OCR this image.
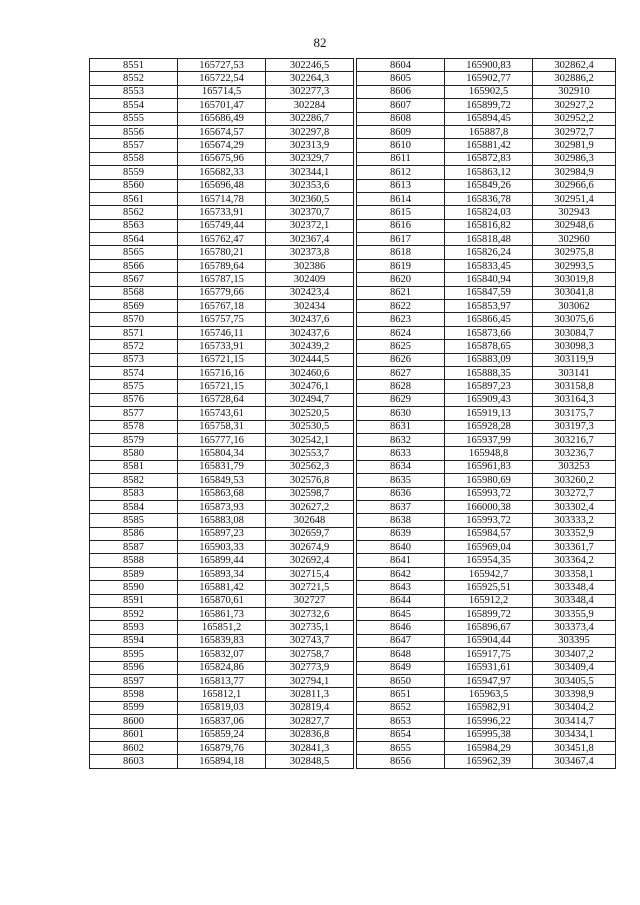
82
8551	165727,53	302246,5		8604	165900,83	302862,4
8552	165722,54	302264,3		8605	165902,77	302886,2
8553	165714,5	302277,3		8606	165902,5	302910
8554	165701,47	302284		8607	165899,72	302927,2
8555	165686,49	302286,7		8608	165894,45	302952,2
8556	165674,57	302297,8		8609	165887,8	302972,7
8557	165674,29	302313,9		8610	165881,42	302981,9
8558	165675,96	302329,7		8611	165872,83	302986,3
8559	165682,33	302344,1		8612	165863,12	302984,9
8560	165696,48	302353,6		8613	165849,26	302966,6
8561	165714,78	302360,5		8614	165836,78	302951,4
8562	165733,91	302370,7		8615	165824,03	302943
8563	165749,44	302372,1		8616	165816,82	302948,6
8564	165762,47	302367,4		8617	165818,48	302960
8565	165780,21	302373,8		8618	165826,24	302975,8
8566	165789,64	302386		8619	165833,45	302993,5
8567	165787,15	302409		8620	165840,94	303019,8
8568	165779,66	302423,4		8621	165847,59	303041,8
8569	165767,18	302434		8622	165853,97	303062
8570	165757,75	302437,6		8623	165866,45	303075,6
8571	165746,11	302437,6		8624	165873,66	303084,7
8572	165733,91	302439,2		8625	165878,65	303098,3
8573	165721,15	302444,5		8626	165883,09	303119,9
8574	165716,16	302460,6		8627	165888,35	303141
8575	165721,15	302476,1		8628	165897,23	303158,8
8576	165728,64	302494,7		8629	165909,43	303164,3
8577	165743,61	302520,5		8630	165919,13	303175,7
8578	165758,31	302530,5		8631	165928,28	303197,3
8579	165777,16	302542,1		8632	165937,99	303216,7
8580	165804,34	302553,7		8633	165948,8	303236,7
8581	165831,79	302562,3		8634	165961,83	303253
8582	165849,53	302576,8		8635	165980,69	303260,2
8583	165863,68	302598,7		8636	165993,72	303272,7
8584	165873,93	302627,2		8637	166000,38	303302,4
8585	165883,08	302648		8638	165993,72	303333,2
8586	165897,23	302659,7		8639	165984,57	303352,9
8587	165903,33	302674,9		8640	165969,04	303361,7
8588	165899,44	302692,4		8641	165954,35	303364,2
8589	165893,34	302715,4		8642	165942,7	303358,1
8590	165881,42	302721,5		8643	165925,51	303348,4
8591	165870,61	302727		8644	165912,2	303348,4
8592	165861,73	302732,6		8645	165899,72	303355,9
8593	165851,2	302735,1		8646	165896,67	303373,4
8594	165839,83	302743,7		8647	165904,44	303395
8595	165832,07	302758,7		8648	165917,75	303407,2
8596	165824,86	302773,9		8649	165931,61	303409,4
8597	165813,77	302794,1		8650	165947,97	303405,5
8598	165812,1	302811,3		8651	165963,5	303398,9
8599	165819,03	302819,4		8652	165982,91	303404,2
8600	165837,06	302827,7		8653	165996,22	303414,7
8601	165859,24	302836,8		8654	165995,38	303434,1
8602	165879,76	302841,3		8655	165984,29	303451,8
8603	165894,18	302848,5		8656	165962,39	303467,4
